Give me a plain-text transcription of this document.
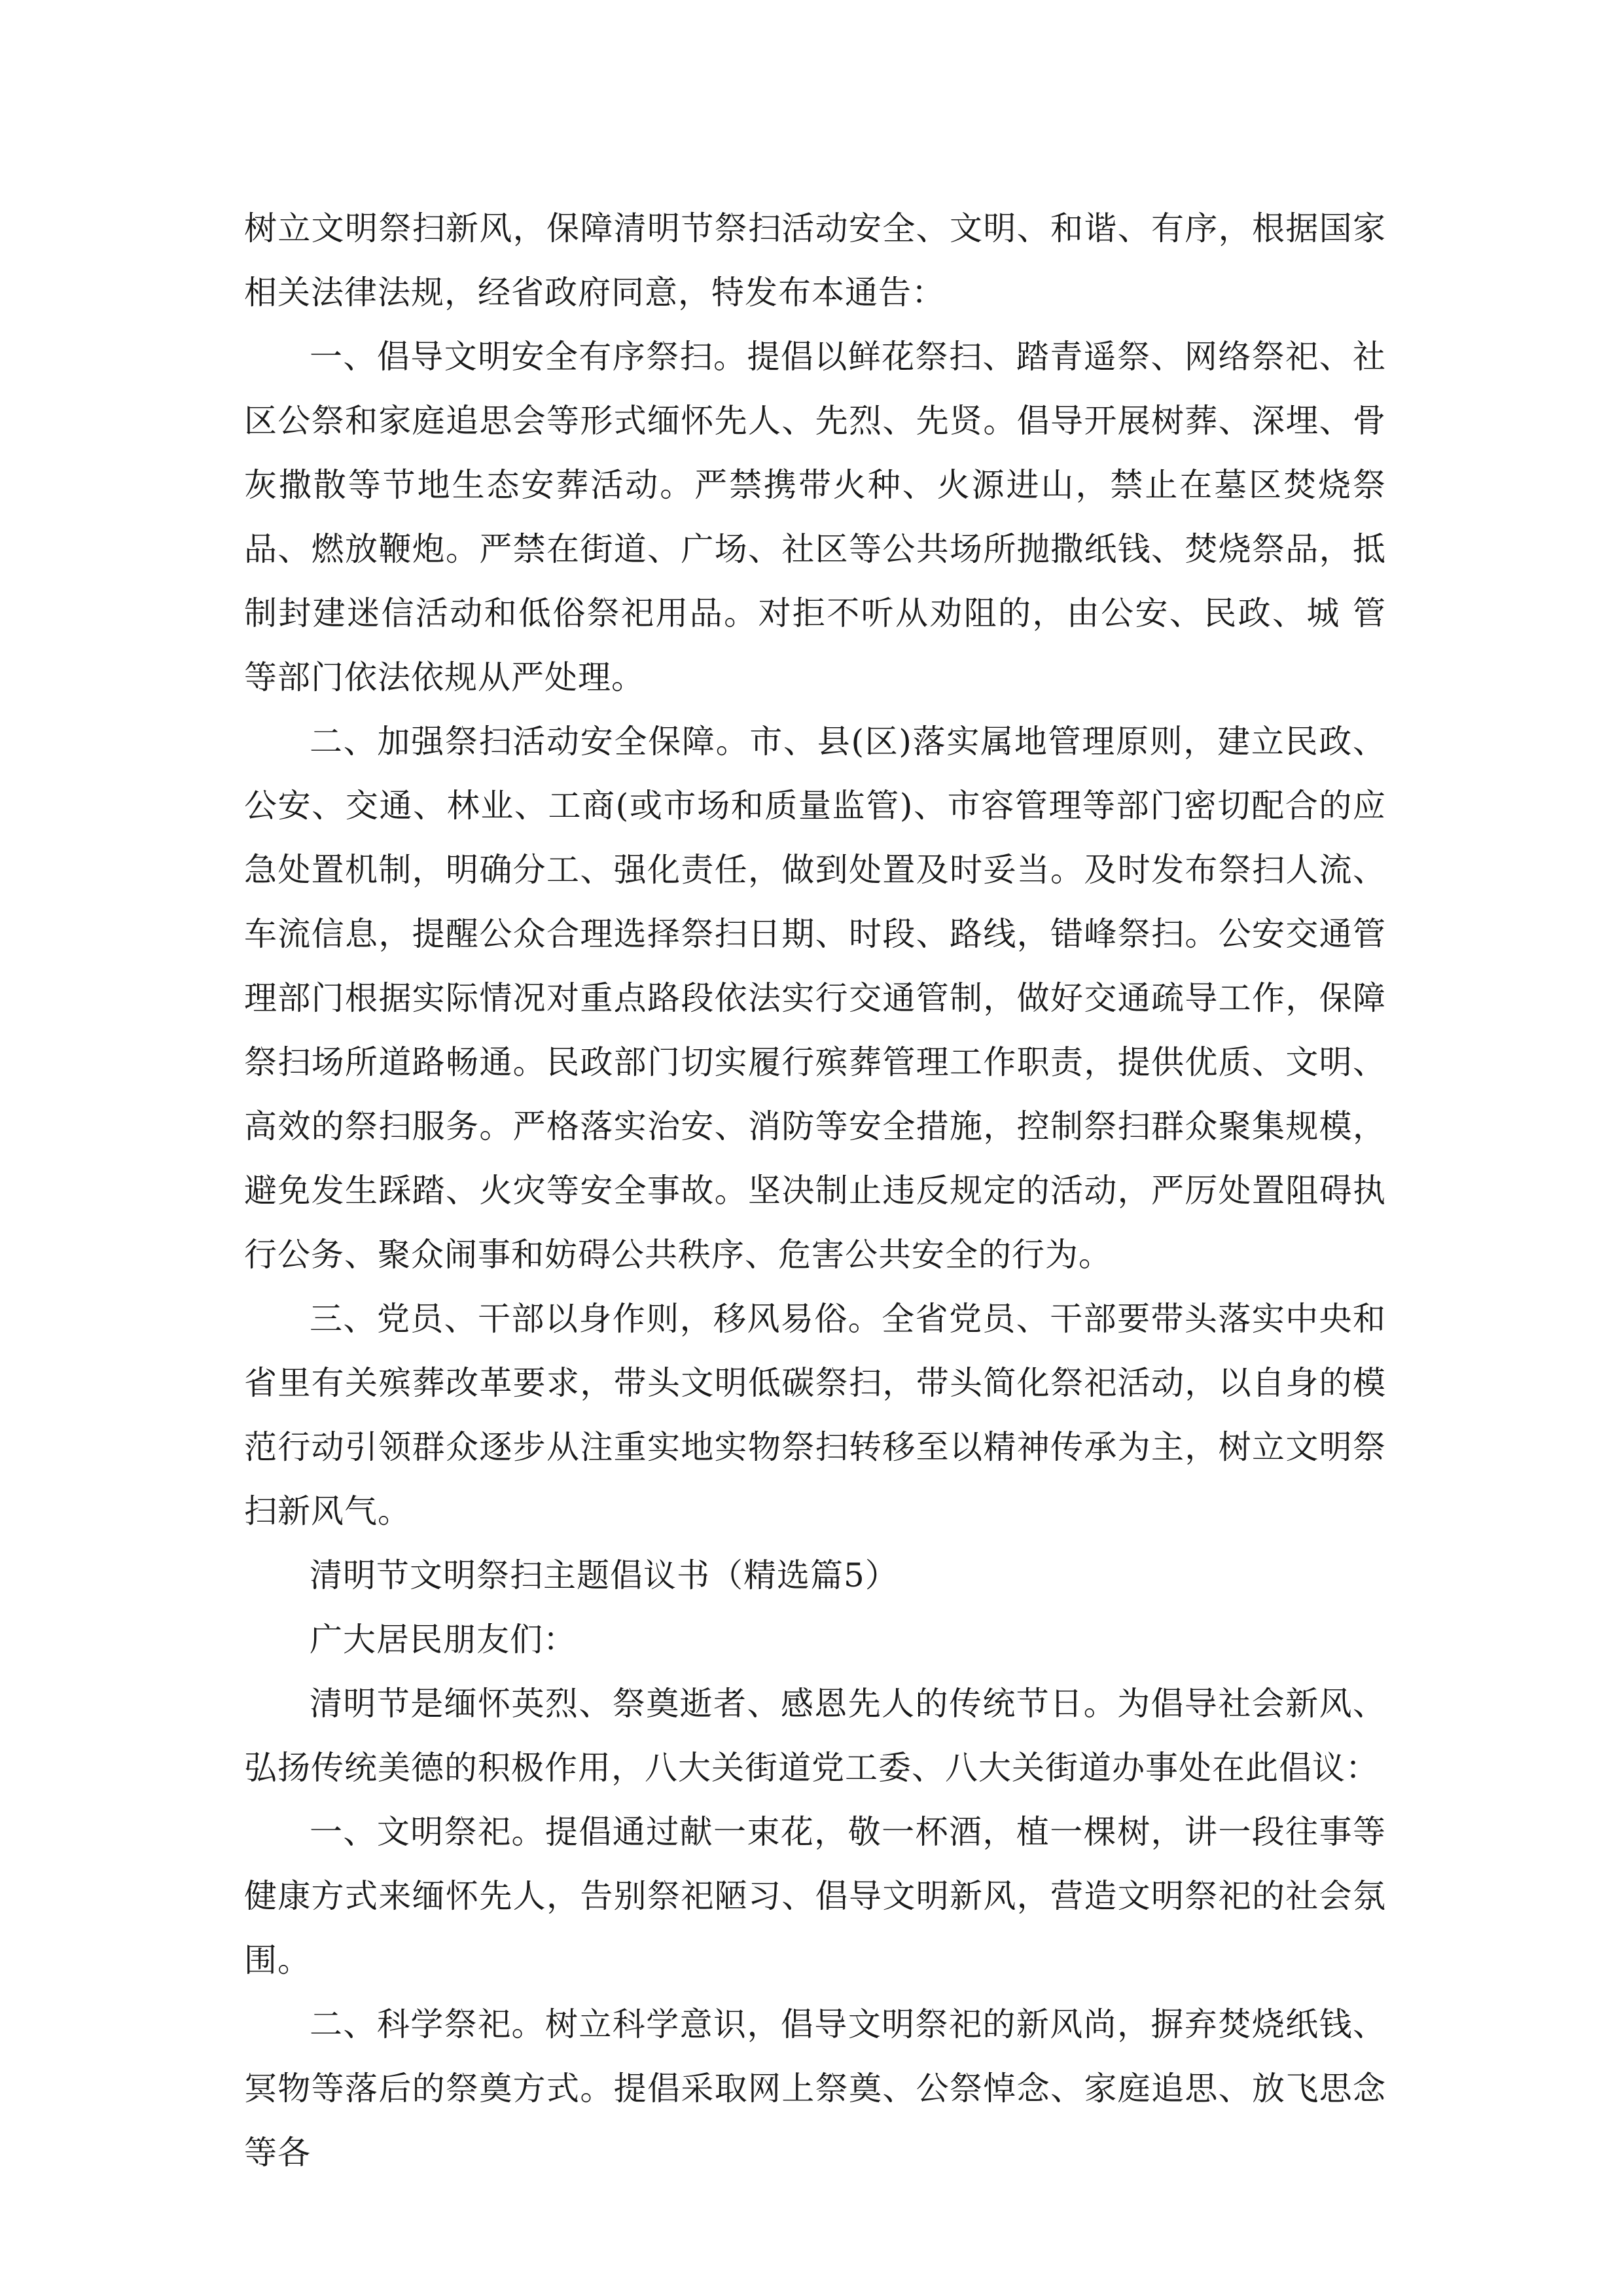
树立文明祭扫新风，保障清明节祭扫活动安全、文明、和谐、有序，根据国家相关法律法规，经省政府同意，特发布本通告：

一、倡导文明安全有序祭扫。提倡以鲜花祭扫、踏青遥祭、网络祭祀、社区公祭和家庭追思会等形式缅怀先人、先烈、先贤。倡导开展树葬、深埋、骨灰撒散等节地生态安葬活动。严禁携带火种、火源进山，禁止在墓区焚烧祭品、燃放鞭炮。严禁在街道、广场、社区等公共场所抛撒纸钱、焚烧祭品，抵制封建迷信活动和低俗祭祀用品。对拒不听从劝阻的，由公安、民政、城 管等部门依法依规从严处理。

二、加强祭扫活动安全保障。市、县(区)落实属地管理原则，建立民政、公安、交通、林业、工商(或市场和质量监管)、市容管理等部门密切配合的应急处置机制，明确分工、强化责任，做到处置及时妥当。及时发布祭扫人流、车流信息，提醒公众合理选择祭扫日期、时段、路线，错峰祭扫。公安交通管理部门根据实际情况对重点路段依法实行交通管制，做好交通疏导工作，保障祭扫场所道路畅通。民政部门切实履行殡葬管理工作职责，提供优质、文明、高效的祭扫服务。严格落实治安、消防等安全措施，控制祭扫群众聚集规模，避免发生踩踏、火灾等安全事故。坚决制止违反规定的活动，严厉处置阻碍执行公务、聚众闹事和妨碍公共秩序、危害公共安全的行为。

三、党员、干部以身作则，移风易俗。全省党员、干部要带头落实中央和省里有关殡葬改革要求，带头文明低碳祭扫，带头简化祭祀活动，以自身的模范行动引领群众逐步从注重实地实物祭扫转移至以精神传承为主，树立文明祭扫新风气。

清明节文明祭扫主题倡议书（精选篇5）

广大居民朋友们：

清明节是缅怀英烈、祭奠逝者、感恩先人的传统节日。为倡导社会新风、弘扬传统美德的积极作用，八大关街道党工委、八大关街道办事处在此倡议：

一、文明祭祀。提倡通过献一束花，敬一杯酒，植一棵树，讲一段往事等健康方式来缅怀先人，告别祭祀陋习、倡导文明新风，营造文明祭祀的社会氛围。

二、科学祭祀。树立科学意识，倡导文明祭祀的新风尚，摒弃焚烧纸钱、冥物等落后的祭奠方式。提倡采取网上祭奠、公祭悼念、家庭追思、放飞思念等各
